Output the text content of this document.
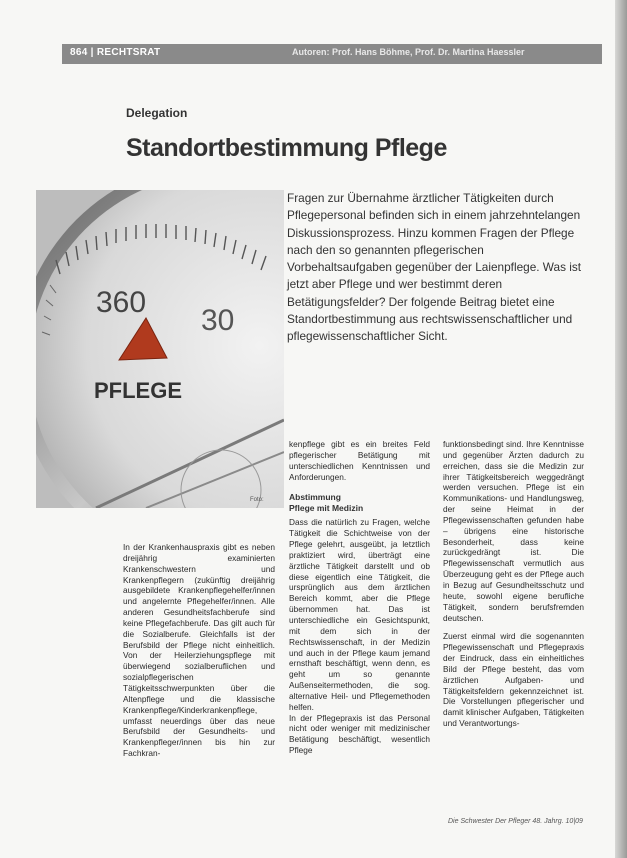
864 | RECHTSRAT	Autoren: Prof. Hans Böhme, Prof. Dr. Martina Haessler
Delegation
Standortbestimmung Pflege
360
30
PFLEGE
Foto:
Fragen zur Übernahme ärztlicher Tätigkeiten durch Pflegepersonal befinden sich in einem jahrzehntelangen Diskussionsprozess. Hinzu kommen Fragen der Pflege nach den so genannten pflegerischen Vorbehaltsaufgaben gegenüber der Laienpflege. Was ist jetzt aber Pflege und wer bestimmt deren Betätigungsfelder? Der folgende Beitrag bietet eine Standortbestimmung aus rechtswissenschaftlicher und pflegewissenschaftlicher Sicht.

In der Krankenhauspraxis gibt es neben dreijährig examinierten Krankenschwestern und Krankenpflegern (zukünftig dreijährig ausgebildete Krankenpflegehelfer/innen und angelernte Pflegehelfer/innen. Alle anderen Gesundheitsfachberufe sind keine Pflegefachberufe. Das gilt auch für die Sozialberufe. Gleichfalls ist der Berufsbild der Pflege nicht einheitlich. Von der Heilerziehungspflege mit überwiegend sozialberuflichen und sozialpflegerischen Tätigkeitsschwerpunkten über die Altenpflege und die klassische Krankenpflege/Kinderkrankenpflege, umfasst neuerdings über das neue Berufsbild der Gesundheits- und Krankenpfleger/innen bis hin zur Fachkran-

kenpflege gibt es ein breites Feld pflegerischer Betätigung mit unterschiedlichen Kenntnissen und Anforderungen.

Abstimmung
Pflege mit Medizin

Dass die natürlich zu Fragen, welche Tätigkeit die Schichtweise von der Pflege gelehrt, ausgeübt, ja letztlich praktiziert wird, überträgt eine ärztliche Tätigkeit darstellt und ob diese eigentlich eine Tätigkeit, die ursprünglich aus dem ärztlichen Bereich kommt, aber die Pflege übernommen hat. Das ist unterschiedliche ein Gesichtspunkt, mit dem sich in der Rechtswissenschaft, in der Medizin und auch in der Pflege kaum jemand ernsthaft beschäftigt, wenn denn, es geht um so genannte Außenseitermethoden, die sog. alternative Heil- und Pflegemethoden helfen.

In der Pflegepraxis ist das Personal nicht oder weniger mit medizinischer Betätigung beschäftigt, wesentlich Pflege

funktionsbedingt sind. Ihre Kenntnisse und gegenüber Ärzten dadurch zu erreichen, dass sie die Medizin zur ihrer Tätigkeitsbereich weggedrängt werden versuchen. Pflege ist ein Kommunikations- und Handlungsweg, der seine Heimat in der Pflegewissenschaften gefunden habe – übrigens eine historische Besonderheit, dass keine zurückgedrängt ist. Die Pflegewissenschaft vermutlich aus Überzeugung geht es der Pflege auch in Bezug auf Gesundheitsschutz und heute, sowohl eigene berufliche Tätigkeit, sondern berufsfremden deutschen.

Zuerst einmal wird die sogenannten Pflegewissenschaft und Pflegepraxis der Eindruck, dass ein einheitliches Bild der Pflege besteht, das vom ärztlichen Aufgaben- und Tätigkeitsfeldern gekennzeichnet ist. Die Vorstellungen pflegerischer und damit klinischer Aufgaben, Tätigkeiten und Verantwortungs-

Die Schwester Der Pfleger 48. Jahrg. 10|09
